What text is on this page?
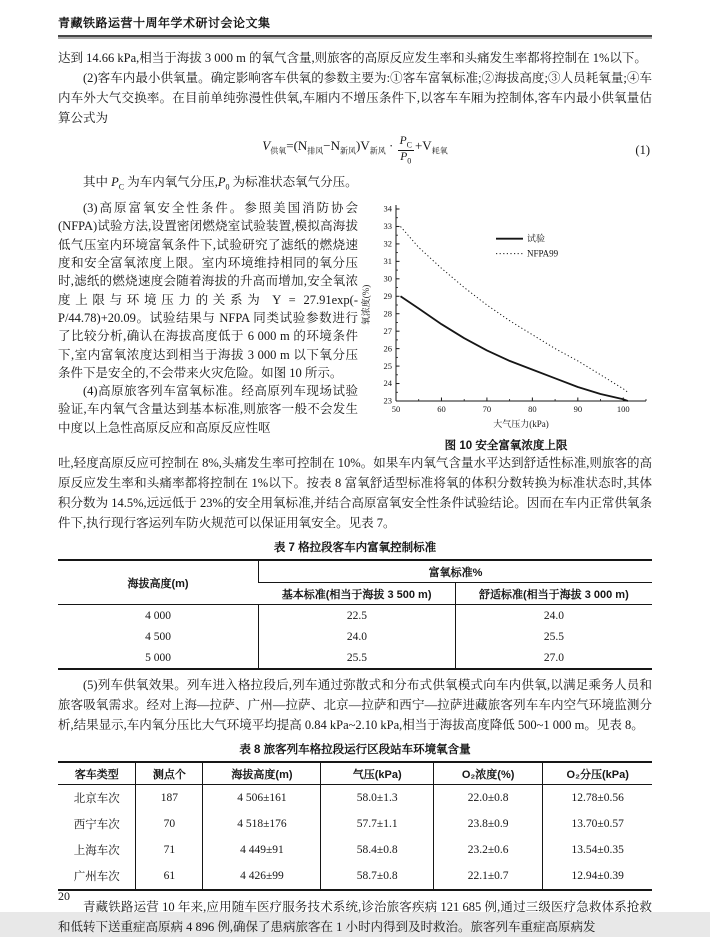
青藏铁路运营十周年学术研讨会论文集

达到 14.66 kPa,相当于海拔 3 000 m 的氧气含量,则旅客的高原反应发生率和头痛发生率都将控制在 1%以下。

(2)客车内最小供氧量。确定影响客车供氧的参数主要为:①客车富氧标准;②海拔高度;③人员耗氧量;④车内车外大气交换率。在目前单纯弥漫性供氧,车厢内不增压条件下,以客车车厢为控制体,客车内最小供氧量估算公式为

$V_{供氧}=(N_{排风}-N_{新风})V_{新风} \cdot \frac{P_C}{P_0} +V_{耗氧}$	(1)

其中 $P_C$ 为车内氧气分压$,P_0$ 为标准状态氧气分压。

(3)高原富氧安全性条件。参照美国消防协会(NFPA)试验方法,设置密闭燃烧室试验装置,模拟高海拔低气压室内环境富氧条件下,试验研究了滤纸的燃烧速度和安全富氧浓度上限。室内环境维持相同的氧分压时,滤纸的燃烧速度会随着海拔的升高而增加,安全氧浓度上限与环境压力的关系为 Y = 27.91exp(-P/44.78)+20.09。试验结果与 NFPA 同类试验参数进行了比较分析,确认在海拔高度低于 6 000 m 的环境条件下,室内富氧浓度达到相当于海拔 3 000 m 以下氧分压条件下是安全的,不会带来火灾危险。如图 10 所示。

(4)高原旅客列车富氧标准。经高原列车现场试验验证,车内氧气含量达到基本标准,则旅客一般不会发生中度以上急性高原反应和高原反应性呕

23
24
25
26
27
28
29
30
31
32
33
34
50	60	70	80	90	100
试验
NFPA99
大气压力(kPa)
氧浓度(%)
图 10 安全富氧浓度上限

吐,轻度高原反应可控制在 8%,头痛发生率可控制在 10%。如果车内氧气含量水平达到舒适性标准,则旅客的高原反应发生率和头痛率都将控制在 1%以下。按表 8 富氧舒适型标准将氧的体积分数转换为标准状态时,其体积分数为 14.5%,远远低于 23%的安全用氧标准,并结合高原富氧安全性条件试验结论。因而在车内正常供氧条件下,执行现行客运列车防火规范可以保证用氧安全。见表 7。

表 7 格拉段客车内富氧控制标准
海拔高度(m)	富氧标准%	
	基本标准(相当于海拔 3 500 m)	舒适标准(相当于海拔 3 000 m)
4 000	22.5	24.0
4 500	24.0	25.5
5 000	25.5	27.0

(5)列车供氧效果。列车进入格拉段后,列车通过弥散式和分布式供氧模式向车内供氧,以满足乘务人员和旅客吸氧需求。经对上海—拉萨、广州—拉萨、北京—拉萨和西宁—拉萨进藏旅客列车车内空气环境监测分析,结果显示,车内氧分压比大气环境平均提高 0.84 kPa~2.10 kPa,相当于海拔高度降低 500~1 000 m。见表 8。

表 8 旅客列车格拉段运行区段站车环境氧含量
客车类型	测点个	海拔高度(m)	气压(kPa)	O₂浓度(%)	O₂分压(kPa)
北京车次	187	4 506±161	58.0±1.3	22.0±0.8	12.78±0.56
西宁车次	70	4 518±176	57.7±1.1	23.8±0.9	13.70±0.57
上海车次	71	4 449±91	58.4±0.8	23.2±0.6	13.54±0.35
广州车次	61	4 426±99	58.7±0.8	22.1±0.7	12.94±0.39

青藏铁路运营 10 年来,应用随车医疗服务技术系统,诊治旅客疾病 121 685 例,通过三级医疗急救体系抢救和低转下送重症高原病 4 896 例,确保了患病旅客在 1 小时内得到及时救治。旅客列车重症高原病发

20
